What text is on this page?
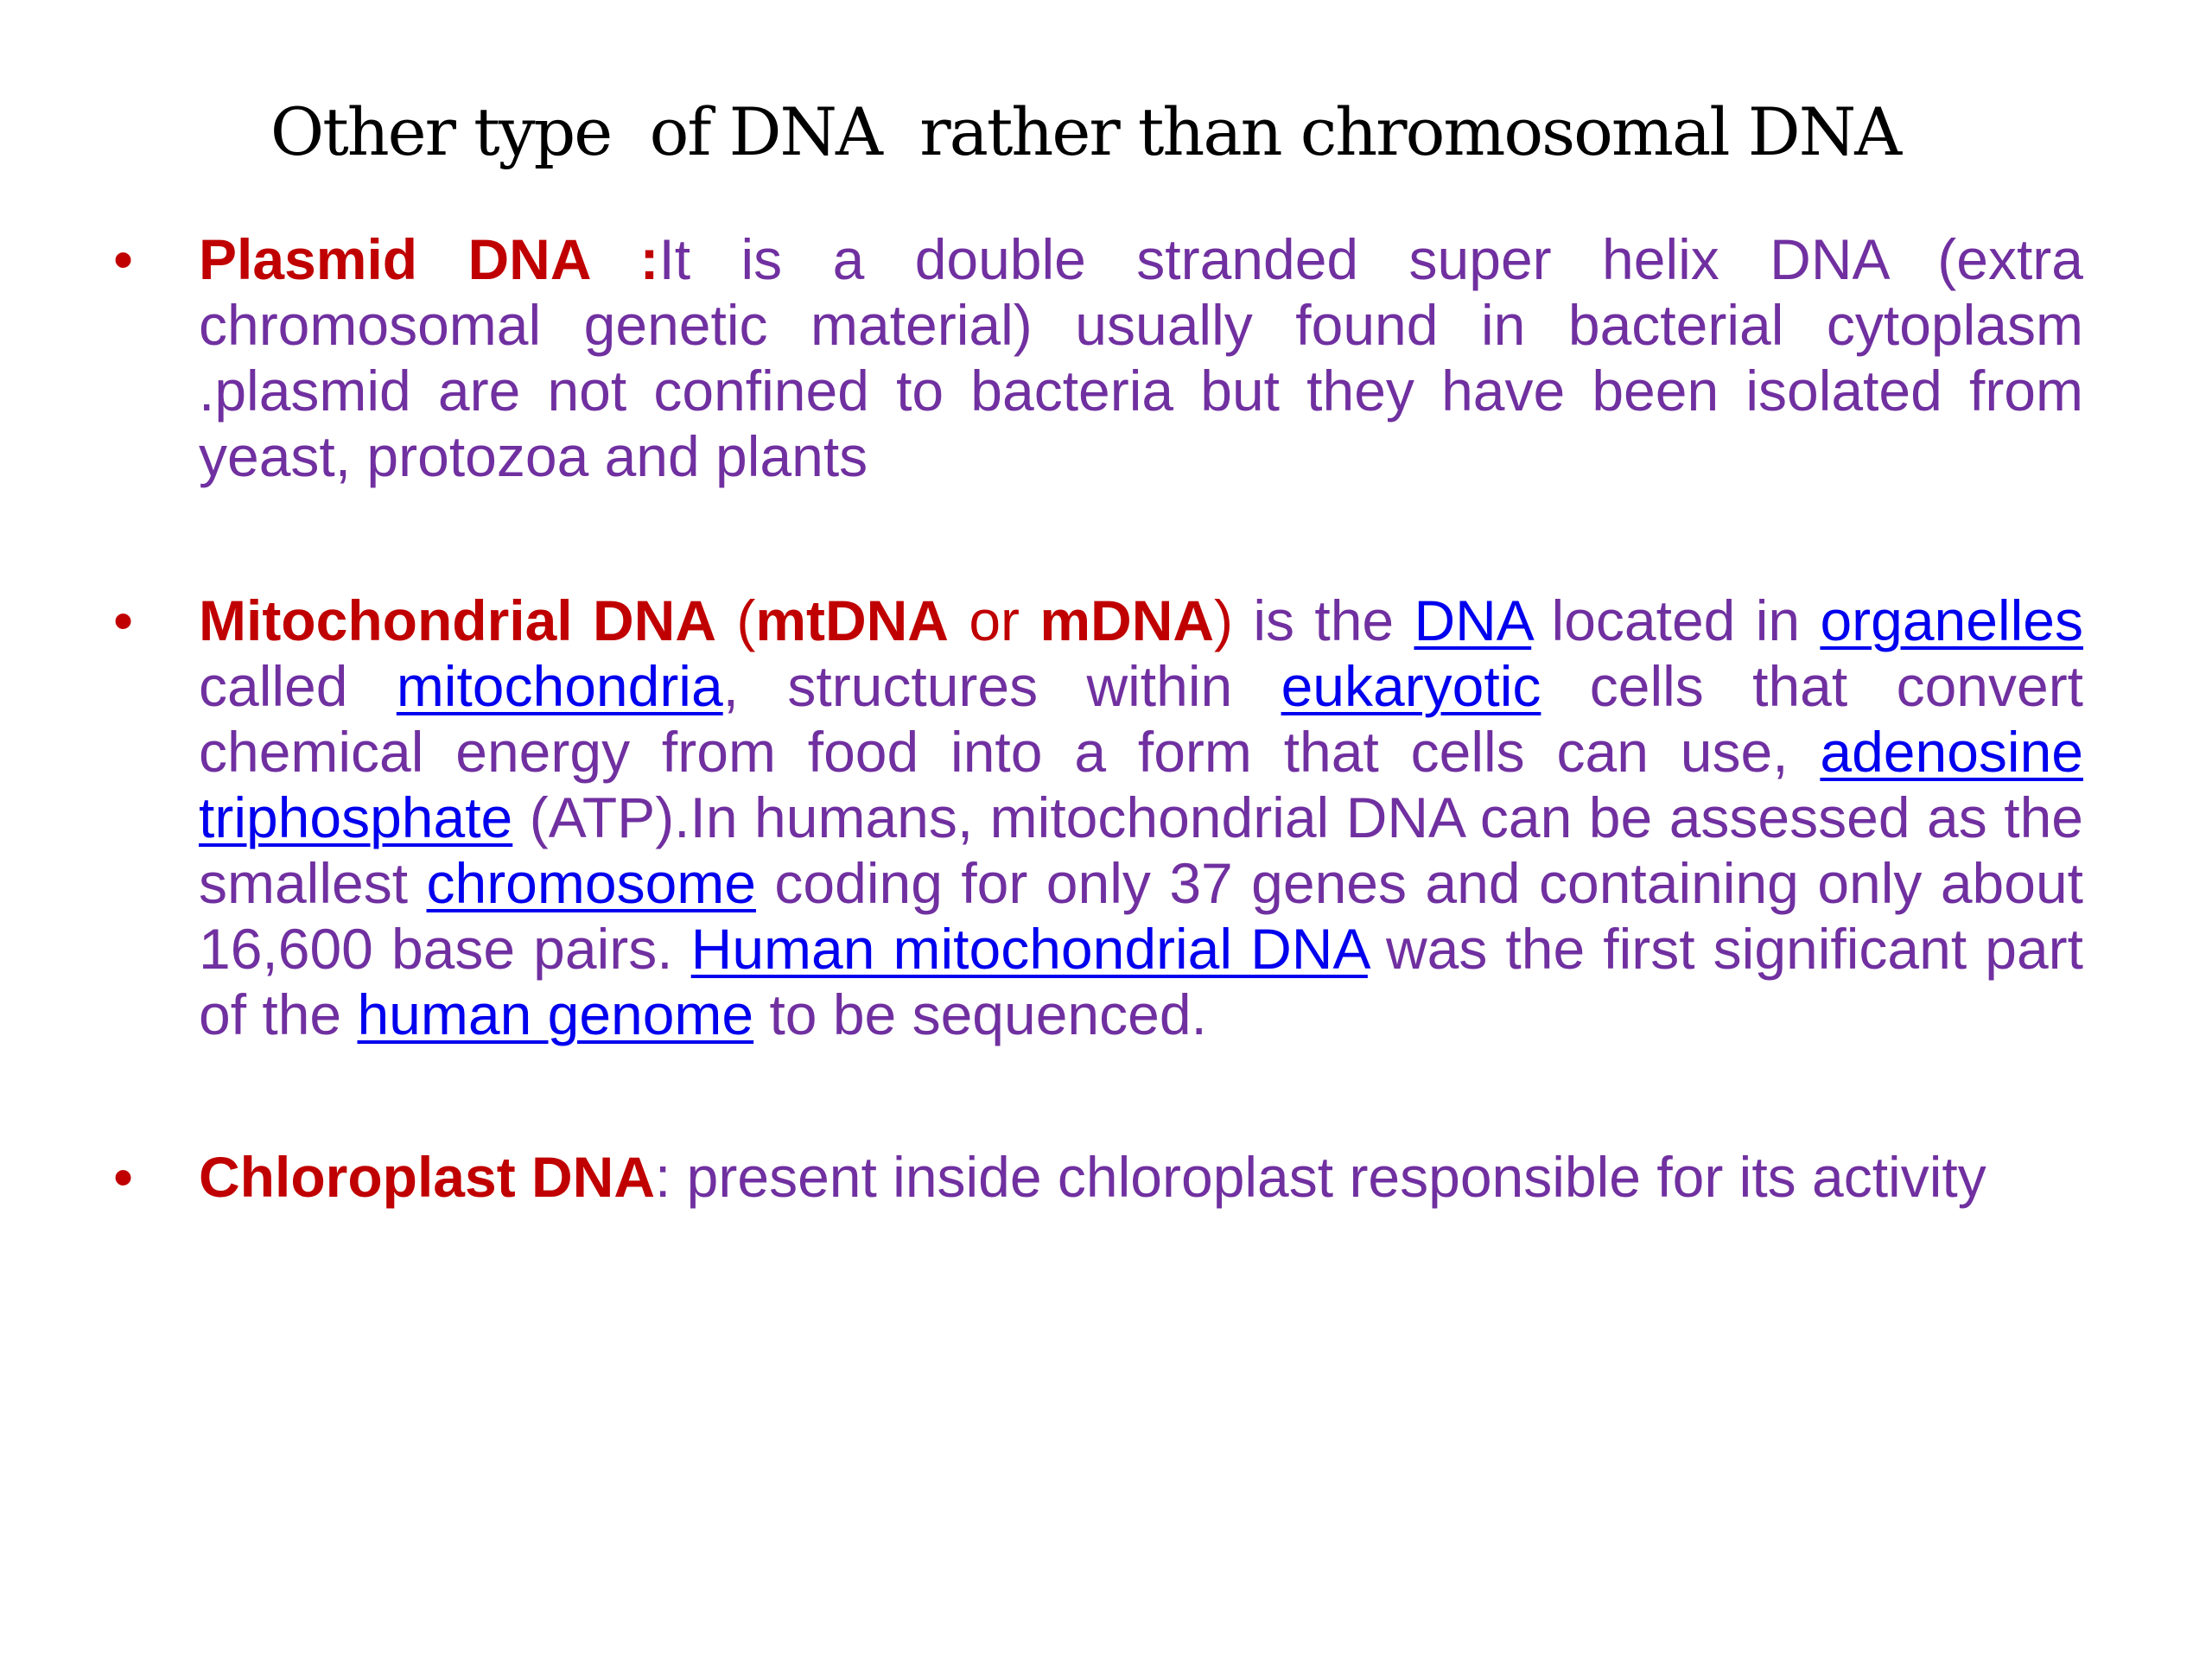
Other type  of DNA  rather than chromosomal DNA
• Plasmid DNA :It is a double stranded super helix DNA (extra chromosomal genetic material) usually found in bacterial cytoplasm .plasmid are not confined to bacteria but they have been isolated from yeast, protozoa and plants
• Mitochondrial DNA (mtDNA or mDNA) is the DNA located in organelles called mitochondria, structures within eukaryotic cells that convert chemical energy from food into a form that cells can use, adenosine triphosphate (ATP).In humans, mitochondrial DNA can be assessed as the smallest chromosome coding for only 37 genes and containing only about 16,600 base pairs. Human mitochondrial DNA was the first significant part of the human genome to be sequenced.
• Chloroplast DNA: present inside chloroplast responsible for its activity
